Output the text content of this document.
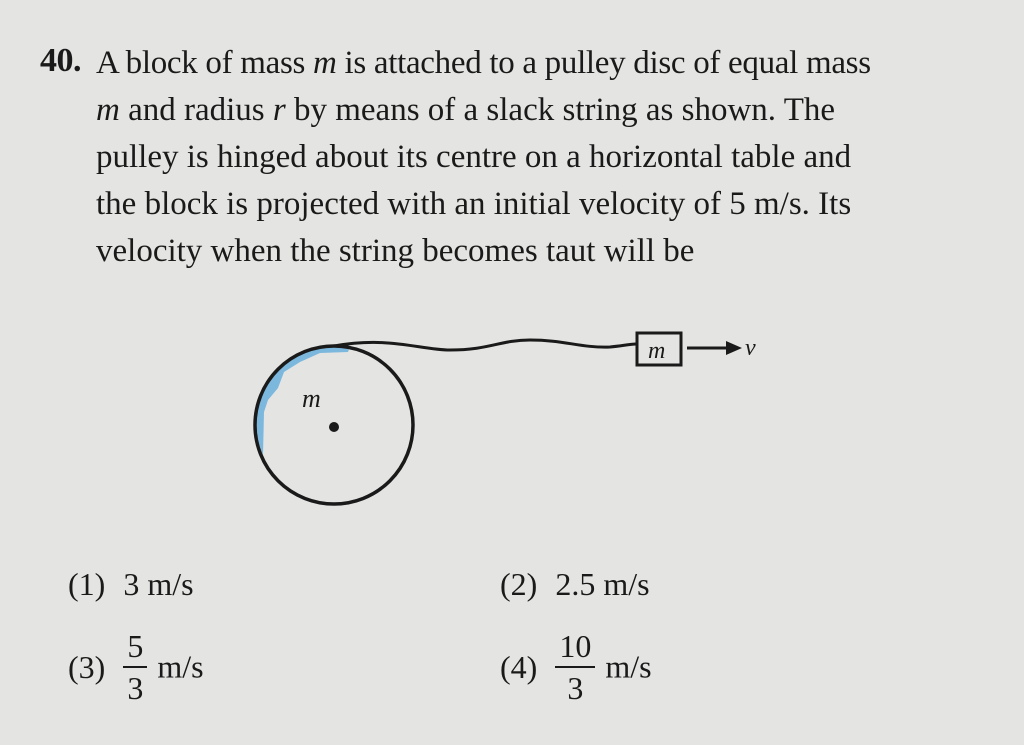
40. A block of mass m is attached to a pulley disc of equal mass
m and radius r by means of a slack string as shown. The
pulley is hinged about its centre on a horizontal table and
the block is projected with an initial velocity of 5 m/s. Its
velocity when the string becomes taut will be
m
m	v
(1) 3 m/s	(2) 2.5 m/s
$(3) \frac{5}{3} m/s$	$(4) \frac{10}{3} m/s$
